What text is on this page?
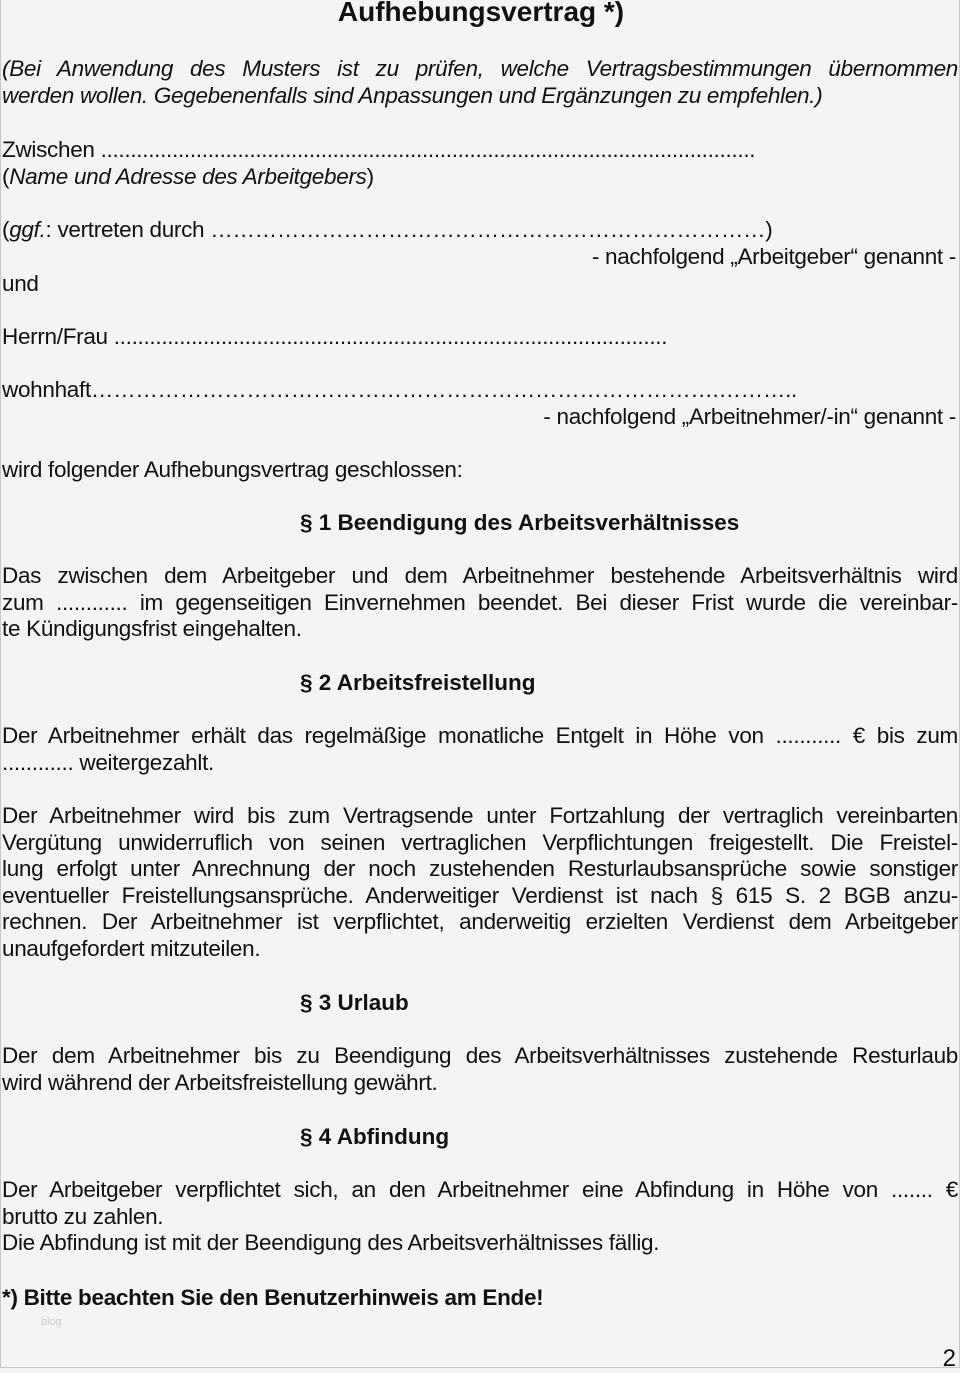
Aufhebungsvertrag *)
(Bei Anwendung des Musters ist zu prüfen, welche Vertragsbestimmungen übernommen
werden wollen. Gegebenenfalls sind Anpassungen und Ergänzungen zu empfehlen.)
Zwischen ..............................................................................................................
(Name und Adresse des Arbeitgebers)
(ggf.: vertreten durch …………………………………………………………………)
- nachfolgend „Arbeitgeber“ genannt -
und
Herrn/Frau .............................................................................................
wohnhaft………………………………………………………………………….………..
- nachfolgend „Arbeitnehmer/-in“ genannt -
wird folgender Aufhebungsvertrag geschlossen:
§ 1 Beendigung des Arbeitsverhältnisses
Das zwischen dem Arbeitgeber und dem Arbeitnehmer bestehende Arbeitsverhältnis wird
zum ............ im gegenseitigen Einvernehmen beendet. Bei dieser Frist wurde die vereinbar-
te Kündigungsfrist eingehalten.
§ 2 Arbeitsfreistellung
Der Arbeitnehmer erhält das regelmäßige monatliche Entgelt in Höhe von ........... € bis zum
............ weitergezahlt.
Der Arbeitnehmer wird bis zum Vertragsende unter Fortzahlung der vertraglich vereinbarten
Vergütung unwiderruflich von seinen vertraglichen Verpflichtungen freigestellt. Die Freistel-
lung erfolgt unter Anrechnung der noch zustehenden Resturlaubsansprüche sowie sonstiger
eventueller Freistellungsansprüche. Anderweitiger Verdienst ist nach § 615 S. 2 BGB anzu-
rechnen. Der Arbeitnehmer ist verpflichtet, anderweitig erzielten Verdienst dem Arbeitgeber
unaufgefordert mitzuteilen.
§ 3 Urlaub
Der dem Arbeitnehmer bis zu Beendigung des Arbeitsverhältnisses zustehende Resturlaub
wird während der Arbeitsfreistellung gewährt.
§ 4 Abfindung
Der Arbeitgeber verpflichtet sich, an den Arbeitnehmer eine Abfindung in Höhe von ....... €
brutto zu zahlen.
Die Abfindung ist mit der Beendigung des Arbeitsverhältnisses fällig.
*) Bitte beachten Sie den Benutzerhinweis am Ende!
blog
2
